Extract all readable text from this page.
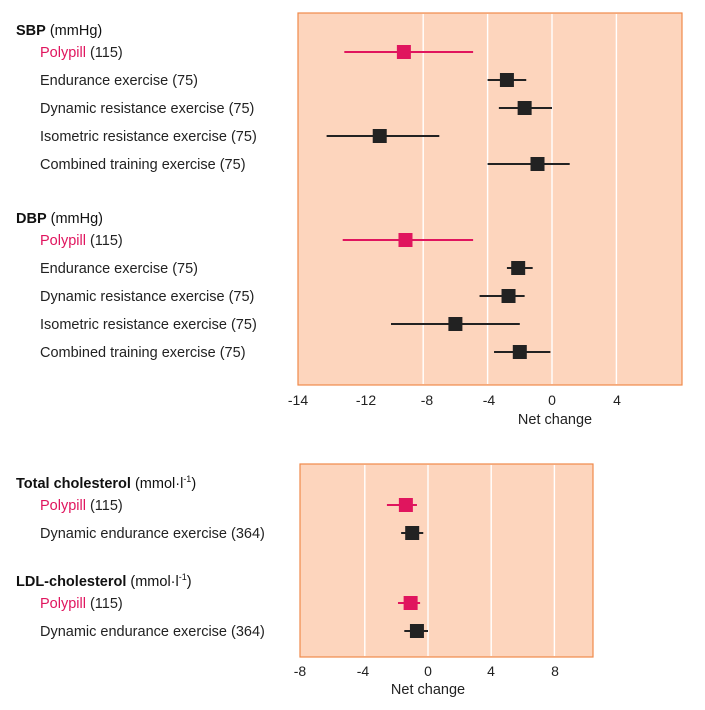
SBP (mmHg)
Polypill (115)
Endurance exercise (75)
Dynamic resistance exercise (75)
Isometric resistance exercise (75)
Combined training exercise (75)
DBP (mmHg)
Polypill (115)
Endurance exercise (75)
Dynamic resistance exercise (75)
Isometric resistance exercise (75)
Combined training exercise (75)
-14	-12	-8	-4	0	4
Net change
Total cholesterol $(mmol\cdot l^{-1})$
Polypill (115)
Dynamic endurance exercise (364)
LDL-cholesterol $(mmol\cdot l^{-1})$
Polypill (115)
Dynamic endurance exercise (364)
-8	-4	0	4	8
Net change
